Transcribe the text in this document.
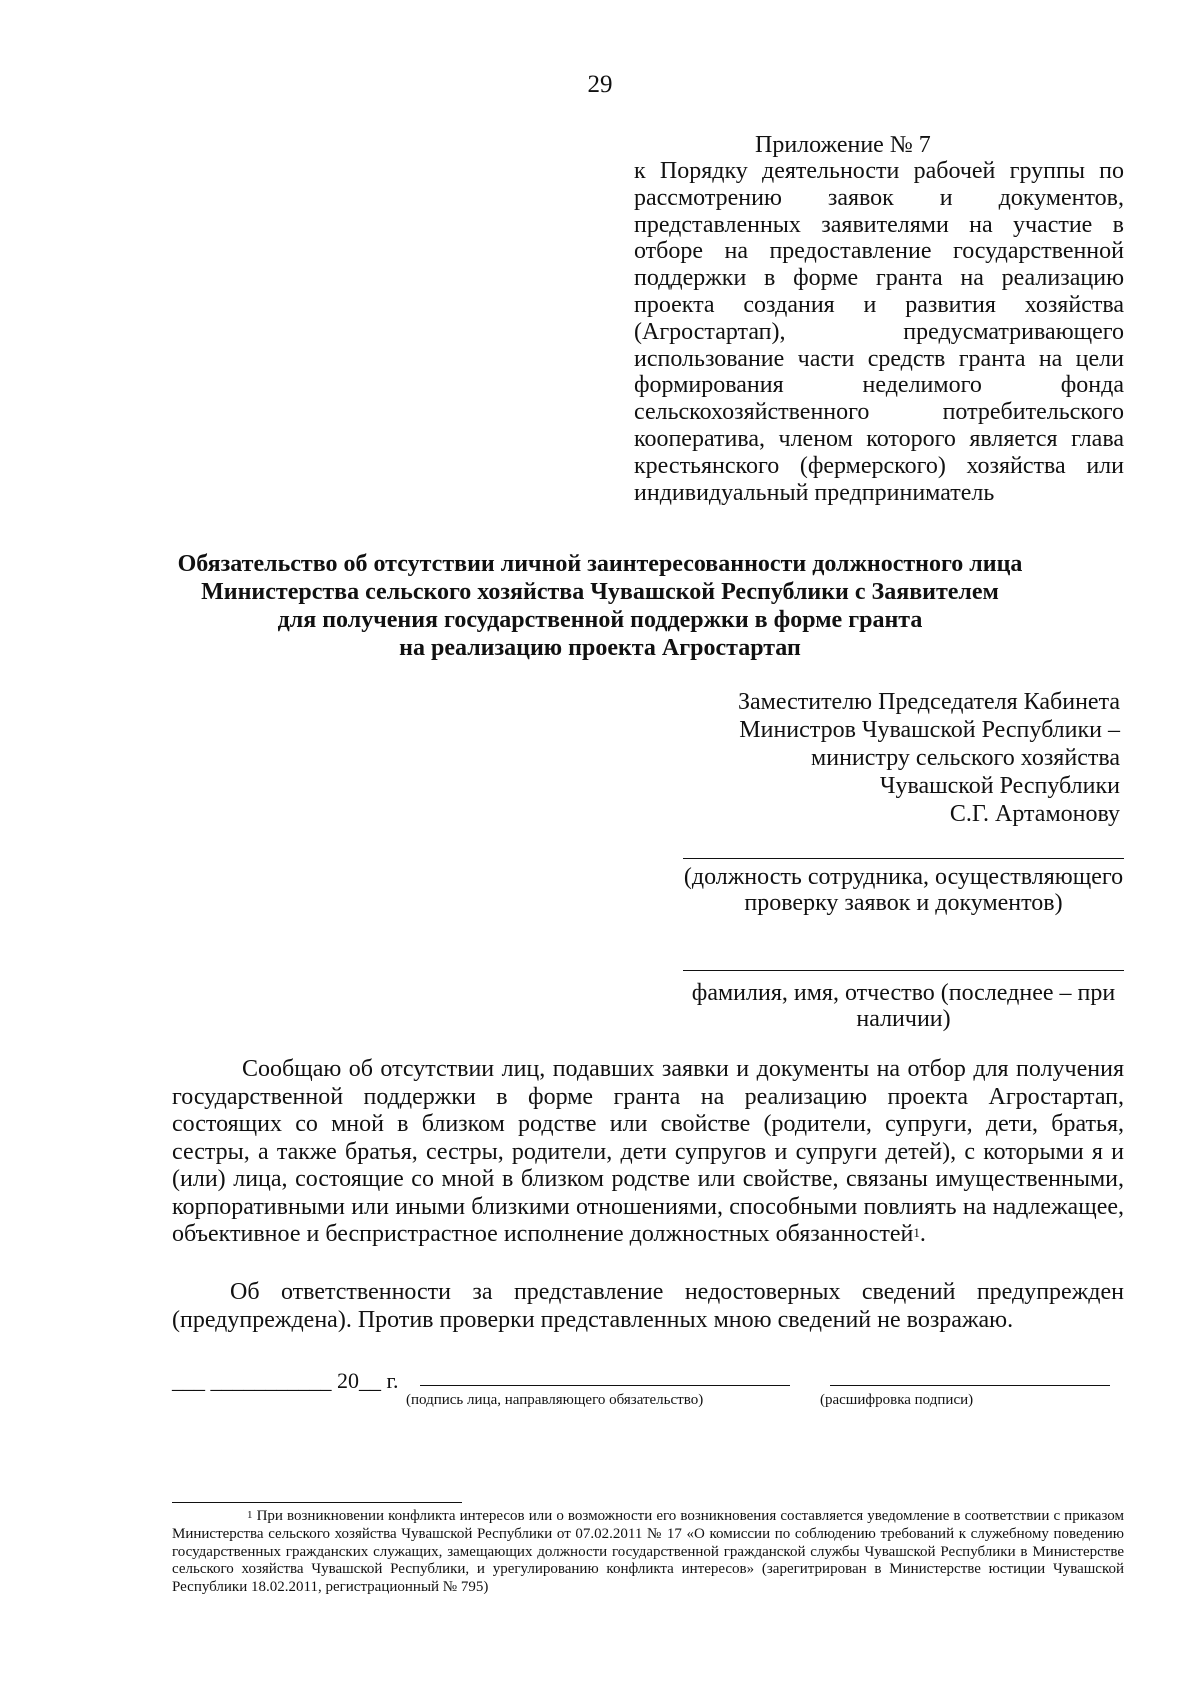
29
Приложение № 7

к Порядку деятельности рабочей группы по рассмотрению заявок и документов, представленных заявителями на участие в отборе на предоставление государственной поддержки в форме гранта на реализацию проекта создания и развития хозяйства (Агростартап), предусматривающего использование части средств гранта на цели формирования неделимого фонда сельскохозяйственного потребительского кооператива, членом которого является глава крестьянского (фермерского) хозяйства или индивидуальный предприниматель

Обязательство об отсутствии личной заинтересованности должностного лица
Министерства сельского хозяйства Чувашской Республики с Заявителем
для получения государственной поддержки в форме гранта
на реализацию проекта Агростартап

Заместителю Председателя Кабинета
Министров Чувашской Республики –
министру сельского хозяйства
Чувашской Республики
С.Г. Артамонову

(должность сотрудника, осуществляющего проверку заявок и документов)

фамилия, имя, отчество (последнее – при наличии)

Сообщаю об отсутствии лиц, подавших заявки и документы на отбор для получения государственной поддержки в форме гранта на реализацию проекта Агростартап, состоящих со мной в близком родстве или свойстве (родители, супруги, дети, братья, сестры, а также братья, сестры, родители, дети супругов и супруги детей), с которыми я и (или) лица, состоящие со мной в близком родстве или свойстве, связаны имущественными, корпоративными или иными близкими отношениями, способными повлиять на надлежащее, объективное и беспристрастное исполнение должностных обязанностей$^1$.

Об ответственности за представление недостоверных сведений предупрежден (предупреждена). Против проверки представленных мною сведений не возражаю.

___ ___________ 20__ г.
(подпись лица, направляющего обязательство)	(расшифровка подписи)

$^1$ При возникновении конфликта интересов или о возможности его возникновения составляется уведомление в соответствии с приказом Министерства сельского хозяйства Чувашской Республики от 07.02.2011 № 17 «О комиссии по соблюдению требований к служебному поведению государственных гражданских служащих, замещающих должности государственной гражданской службы Чувашской Республики в Министерстве сельского хозяйства Чувашской Республики, и урегулированию конфликта интересов» (зарегитрирован в Министерстве юстиции Чувашской Республики 18.02.2011, регистрационный № 795)
